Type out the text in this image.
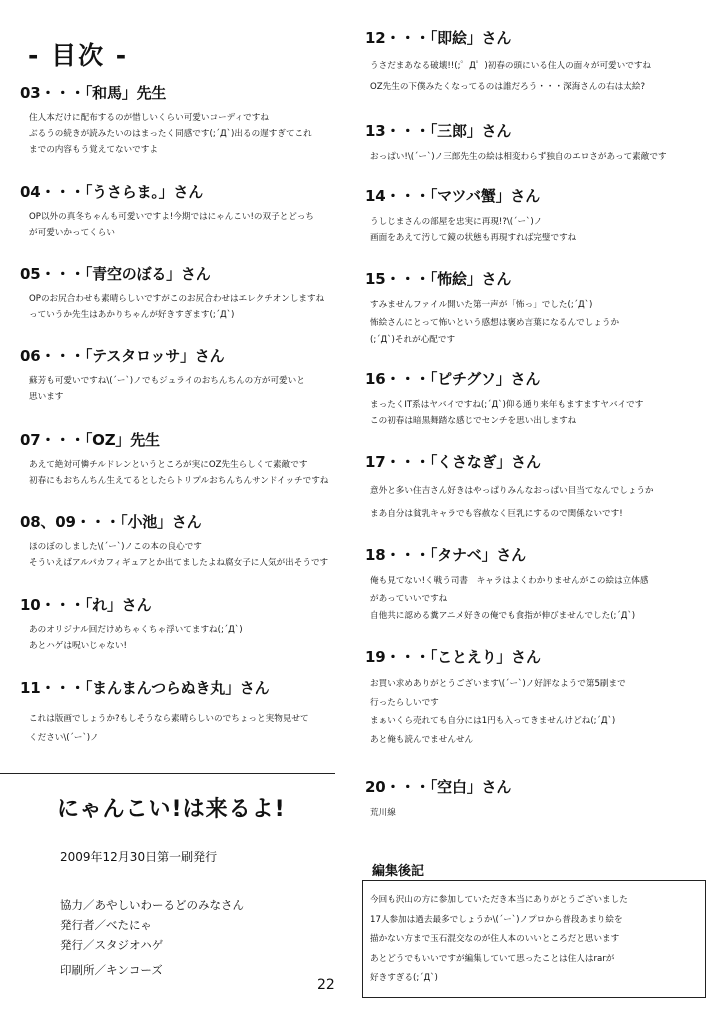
- 目次 -
03・・・「和馬」先生
住人本だけに配布するのが惜しいくらい可愛いコーディですね
ぶるうの続きが読みたいのはまったく同感です(;´Д`)出るの遅すぎてこれ
までの内容もう覚えてないですよ
04・・・「うさらま。」さん
OP以外の真冬ちゃんも可愛いですよ!今期ではにゃんこい!の双子とどっち
が可愛いかってくらい
05・・・「青空のぼる」さん
OPのお尻合わせも素晴らしいですがこのお尻合わせはエレクチオンしますね
っていうか先生はあかりちゃんが好きすぎます(;´Д`)
06・・・「テスタロッサ」さん
蘇芳も可愛いですね\(´ー`)ノでもジュライのおちんちんの方が可愛いと
思います
07・・・「OZ」先生
あえて絶対可憐チルドレンというところが実にOZ先生らしくて素敵です
初春にもおちんちん生えてるとしたらトリプルおちんちんサンドイッチですね
08、09・・・「小池」さん
ほのぼのしました\(´ー`)ノこの本の良心です
そういえばアルパカフィギュアとか出てましたよね腐女子に人気が出そうです
10・・・「れ」さん
あのオリジナル回だけめちゃくちゃ浮いてますね(;´Д`)
あとハゲは呪いじゃない!
11・・・「まんまんつらぬき丸」さん
これは版画でしょうか?もしそうなら素晴らしいのでちょっと実物見せて
ください\(´ー`)ノ
12・・・「即絵」さん
うさだまあなる破壊!!(;゜Д゜)初春の頭にいる住人の面々が可愛いですね
OZ先生の下僕みたくなってるのは誰だろう・・・深海さんの右は太絵?
13・・・「三郎」さん
おっぱい!\(´ー`)ノ三郎先生の絵は相変わらず独自のエロさがあって素敵です
14・・・「マツバ蟹」さん
うしじまさんの部屋を忠実に再現!?\(´ー`)ノ
画面をあえて汚して鏡の状態も再現すれば完璧ですね
15・・・「怖絵」さん
すみませんファイル開いた第一声が「怖っ」でした(;´Д`)
怖絵さんにとって怖いという感想は褒め言葉になるんでしょうか
(;´Д`)それが心配です
16・・・「ピチグソ」さん
まったくIT系はヤバイですね(;´Д`)仰る通り来年もますますヤバイです
この初春は暗黒舞踏な感じでセンチを思い出しますね
17・・・「くさなぎ」さん
意外と多い住吉さん好きはやっぱりみんなおっぱい目当てなんでしょうか
まあ自分は貧乳キャラでも容赦なく巨乳にするので関係ないです!
18・・・「タナベ」さん
俺も見てない!く戦う司書　キャラはよくわかりませんがこの絵は立体感
があっていいですね
自他共に認める糞アニメ好きの俺でも食指が伸びませんでした(;´Д`)
19・・・「ことえり」さん
お買い求めありがとうございます\(´ー`)ノ好評なようで第5刷まで
行ったらしいです
まぁいくら売れても自分には1円も入ってきませんけどね(;´Д`)
あと俺も読んでませんせん
20・・・「空白」さん
荒川線
にゃんこい!は来るよ!
2009年12月30日第一刷発行
協力／あやしいわーるどのみなさん
発行者／べたにゃ
発行／スタジオハゲ
印刷所／キンコーズ
編集後記
今回も沢山の方に参加していただき本当にありがとうございました
17人参加は過去最多でしょうか\(´ー`)ノプロから普段あまり絵を
描かない方まで玉石混交なのが住人本のいいところだと思います
あとどうでもいいですが編集していて思ったことは住人はrarが
好きすぎる(;´Д`)
22
